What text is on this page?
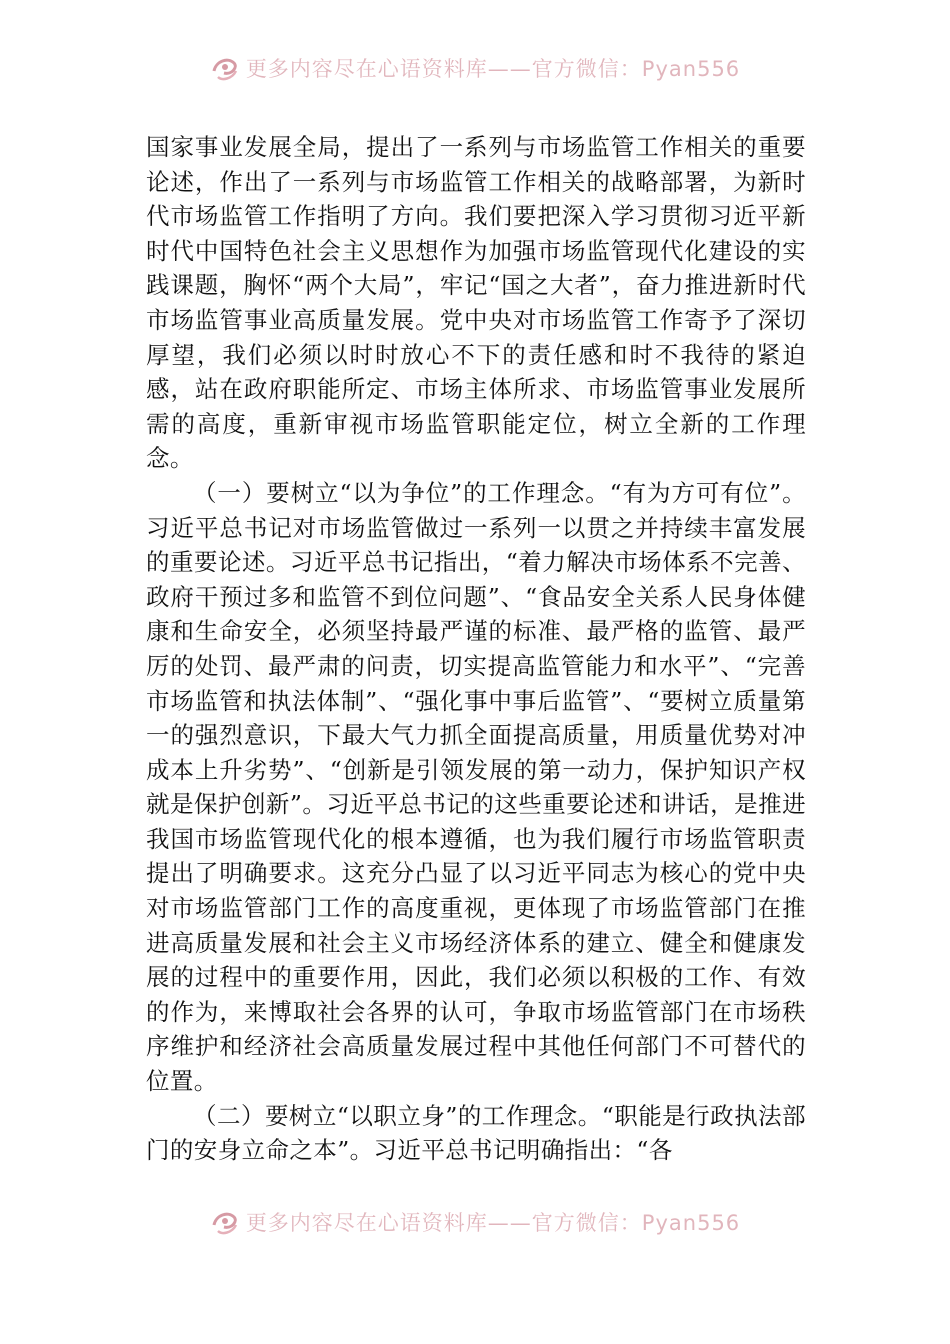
更多内容尽在心语资料库——官方微信：Pyan556

国家事业发展全局，提出了一系列与市场监管工作相关的重要论述，作出了一系列与市场监管工作相关的战略部署，为新时代市场监管工作指明了方向。我们要把深入学习贯彻习近平新时代中国特色社会主义思想作为加强市场监管现代化建设的实践课题，胸怀“两个大局”，牢记“国之大者”，奋力推进新时代市场监管事业高质量发展。党中央对市场监管工作寄予了深切厚望，我们必须以时时放心不下的责任感和时不我待的紧迫感，站在政府职能所定、市场主体所求、市场监管事业发展所需的高度，重新审视市场监管职能定位，树立全新的工作理念。

（一）要树立“以为争位”的工作理念。“有为方可有位”。习近平总书记对市场监管做过一系列一以贯之并持续丰富发展的重要论述。习近平总书记指出，“着力解决市场体系不完善、政府干预过多和监管不到位问题”、“食品安全关系人民身体健康和生命安全，必须坚持最严谨的标准、最严格的监管、最严厉的处罚、最严肃的问责，切实提高监管能力和水平”、“完善市场监管和执法体制”、“强化事中事后监管”、“要树立质量第一的强烈意识，下最大气力抓全面提高质量，用质量优势对冲成本上升劣势”、“创新是引领发展的第一动力，保护知识产权就是保护创新”。习近平总书记的这些重要论述和讲话，是推进我国市场监管现代化的根本遵循，也为我们履行市场监管职责提出了明确要求。这充分凸显了以习近平同志为核心的党中央对市场监管部门工作的高度重视，更体现了市场监管部门在推进高质量发展和社会主义市场经济体系的建立、健全和健康发展的过程中的重要作用，因此，我们必须以积极的工作、有效的作为，来博取社会各界的认可，争取市场监管部门在市场秩序维护和经济社会高质量发展过程中其他任何部门不可替代的位置。

（二）要树立“以职立身”的工作理念。“职能是行政执法部门的安身立命之本”。习近平总书记明确指出：“各

更多内容尽在心语资料库——官方微信：Pyan556
